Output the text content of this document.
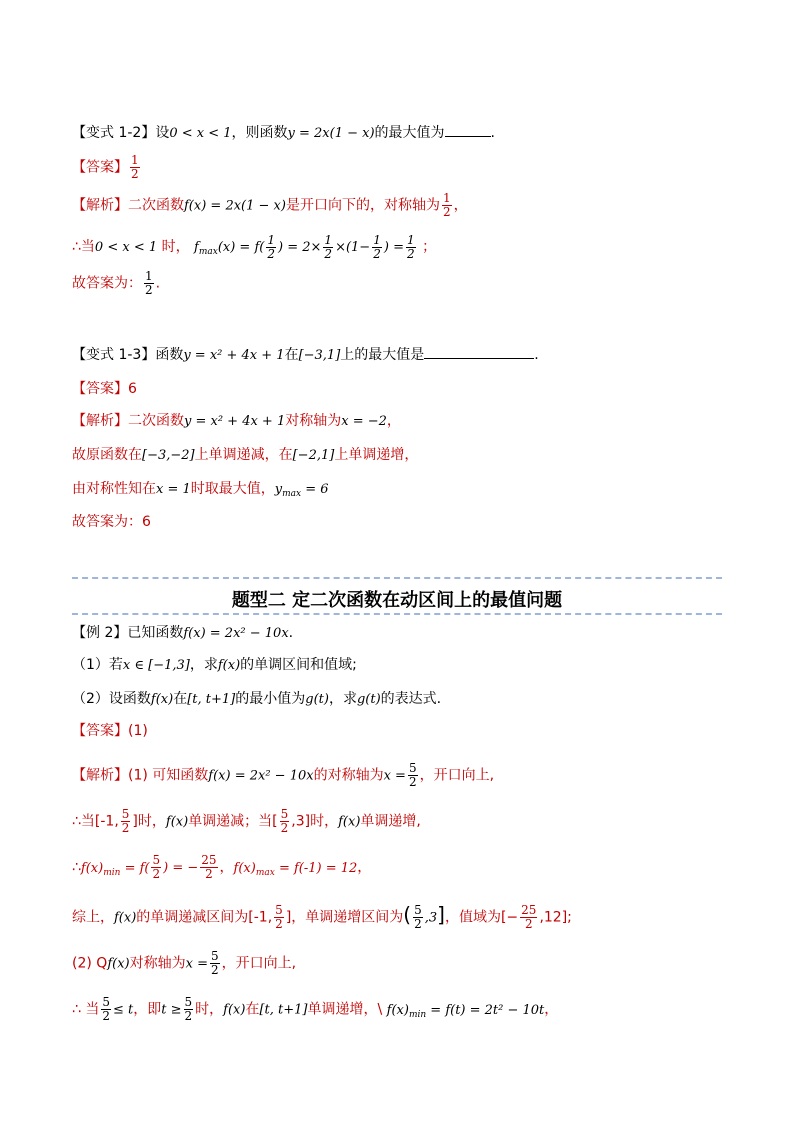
【变式 1-2】设0 < x < 1，则函数y = 2x(1 − x)的最大值为	.
【答案】 $\frac{1}{2}$
【解析】二次函数f(x) = 2x(1 − x)是开口向下的，对称轴为 $\frac{1}{2}$ ，
∴当0 < x < 1 时， $f_{max}(x) = f( \frac{1}{2}$ ) = $2\times \frac{1}{2} \times(1- \frac{1}{2}$ ) = $\frac{1}{2}$ ；
故答案为： $\frac{1}{2}$ .
【变式 1-3】函数y = x² + 4x + 1在[−3,1]上的最大值是	.
【答案】6
【解析】二次函数y = x² + 4x + 1对称轴为x = −2，
故原函数在[−3,−2]上单调递减，在[−2,1]上单调递增，
由对称性知在x = 1时取最大值，$y_{max} = 6$
故答案为：6
题型二 定二次函数在动区间上的最值问题
【例 2】已知函数f(x) = 2x² − 10x.
（1）若x ∈ [−1,3]，求f(x)的单调区间和值域;
（2）设函数f(x)在[t, t+1]的最小值为g(t)，求g(t)的表达式.
【答案】(1)
【解析】(1) 可知函数f(x) = 2x² − 10x的对称轴为$x = \frac{5}{2}$ ，开口向上,
∴当[-1, $\frac{5}{2}$ ]时，f(x)单调递减；当[ $\frac{5}{2} ,3$]时，f(x)单调递增,
$\therefore f(x)_{min} = f( \frac{5}{2}$ ) = − $\frac{25}{2}$ ，$f(x)_{max} = f(-1) = 12$，
综上，f(x)的单调递减区间为[-1, $\frac{5}{2}$ ]，单调递增区间为( $\frac{5}{2} ,3$]，值域为[− $\frac{25}{2} ,12$];
(2) Qf(x)对称轴为$x = \frac{5}{2}$ ，开口向上,
∴ 当 $\frac{5}{2} \le t$，即$t \ge \frac{5}{2}$ 时，f(x)在[t, t+1]单调递增，\ $f(x)_{min} = f(t) = 2t^2 - 10t$，
